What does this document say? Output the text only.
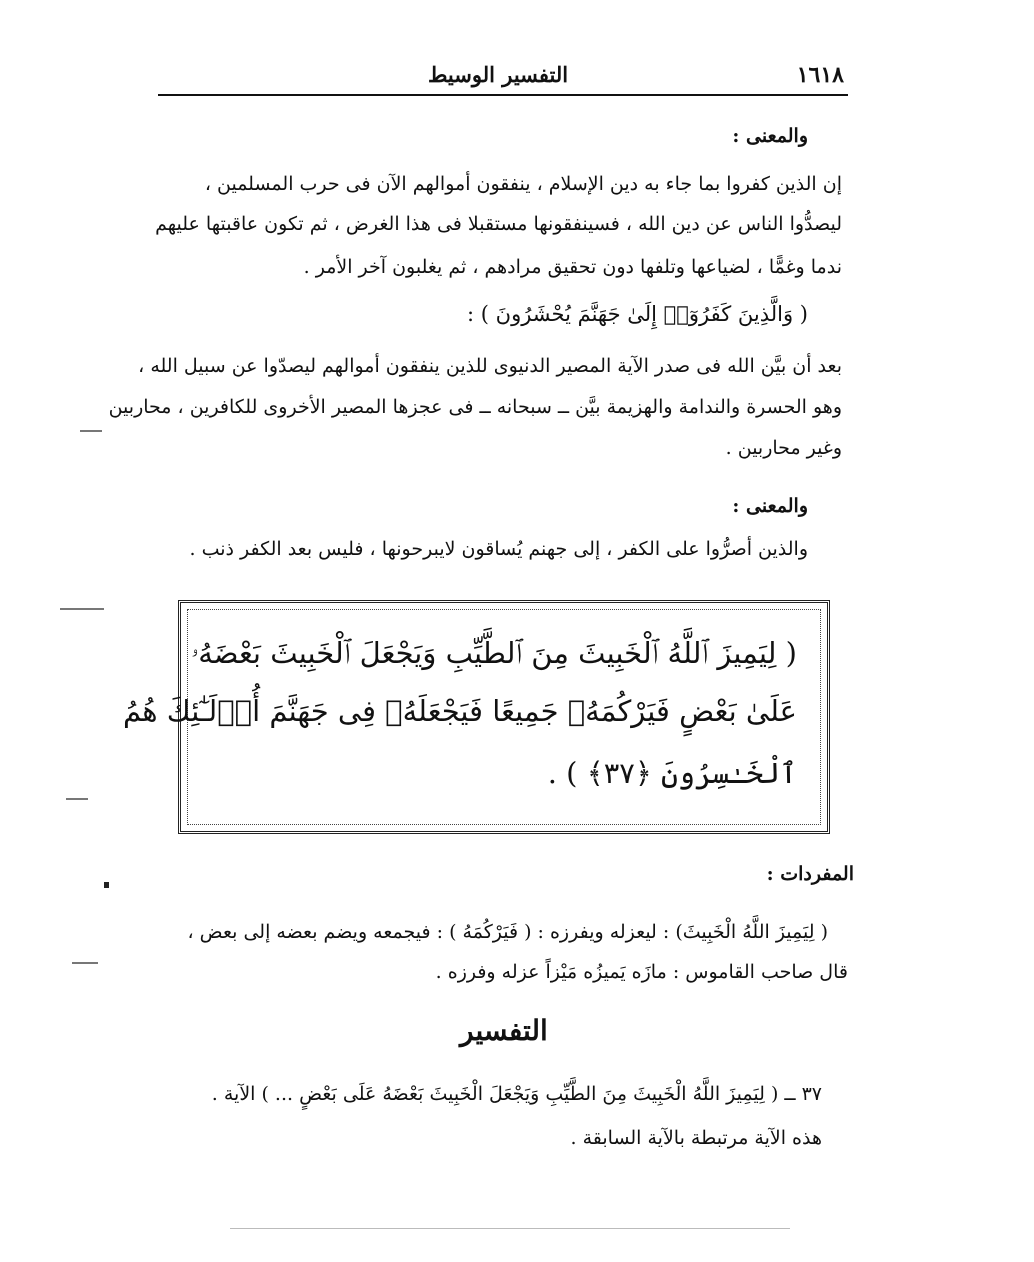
١٦١٨
التفسير الوسيط
والمعنى :
إن الذين كفروا بما جاء به دين الإسلام ، ينفقون أموالهم الآن فى حرب المسلمين ،
ليصدُّوا الناس عن دين الله ، فسينفقونها مستقبلا فى هذا الغرض ، ثم تكون عاقبتها عليهم
ندما وغمًّا ، لضياعها وتلفها دون تحقيق مرادهم ، ثم يغلبون آخر الأمر .
( وَالَّذِينَ كَفَرُوٓا۟ إِلَىٰ جَهَنَّمَ يُحْشَرُونَ ) :
بعد أن بيَّن الله فى صدر الآية المصير الدنيوى للذين ينفقون أموالهم ليصدّوا عن سبيل الله ،
وهو الحسرة والندامة والهزيمة بيَّن ــ سبحانه ــ فى عجزها المصير الأخروى للكافرين ، محاربين
وغير محاربين .
والمعنى :
والذين أصرُّوا على الكفر ، إلى جهنم يُساقون لايبرحونها ، فليس بعد الكفر ذنب .
( لِيَمِيزَ ٱللَّهُ ٱلْخَبِيثَ مِنَ ٱلطَّيِّبِ وَيَجْعَلَ ٱلْخَبِيثَ بَعْضَهُۥ
عَلَىٰ بَعْضٍ فَيَرْكُمَهُۥ جَمِيعًا فَيَجْعَلَهُۥ فِى جَهَنَّمَ أُو۟لَـٰٓئِكَ هُمُ
ٱلْخَـٰسِرُونَ ﴿٣٧﴾ ) .
المفردات :
( لِيَمِيزَ اللَّهُ الْخَبِيثَ) : ليعزله ويفرزه : ( فَيَرْكُمَهُ ) : فيجمعه ويضم بعضه إلى بعض ،
قال صاحب القاموس : مازَه يَميزُه مَيْزاً عزله وفرزه .
التفسير
٣٧ ــ ( لِيَمِيزَ اللَّهُ الْخَبِيثَ مِنَ الطَّيِّبِ وَيَجْعَلَ الْخَبِيثَ بَعْضَهُ عَلَى بَعْضٍ ... ) الآية .
هذه الآية مرتبطة بالآية السابقة .
